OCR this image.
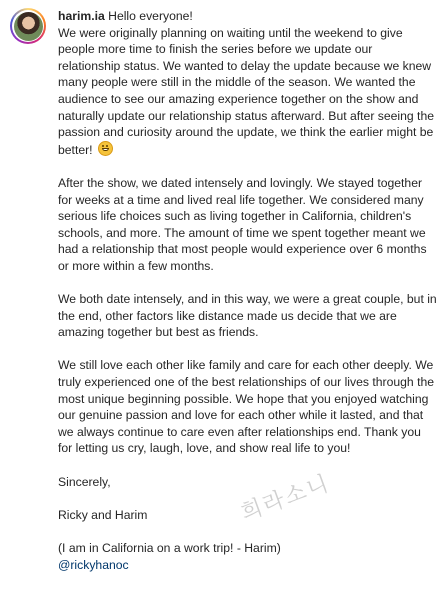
harim.ia Hello everyone!
We were originally planning on waiting until the weekend to give people more time to finish the series before we update our relationship status. We wanted to delay the update because we knew many people were still in the middle of the season. We wanted the audience to see our amazing experience together on the show and naturally update our relationship status afterward. But after seeing the passion and curiosity around the update, we think the earlier might be better!

After the show, we dated intensely and lovingly. We stayed together for weeks at a time and lived real life together. We considered many serious life choices such as living together in California, children's schools, and more. The amount of time we spent together meant we had a relationship that most people would experience over 6 months or more within a few months.

We both date intensely, and in this way, we were a great couple, but in the end, other factors like distance made us decide that we are amazing together but best as friends.

We still love each other like family and care for each other deeply. We truly experienced one of the best relationships of our lives through the most unique beginning possible. We hope that you enjoyed watching our genuine passion and love for each other while it lasted, and that we always continue to care even after relationships end. Thank you for letting us cry, laugh, love, and show real life to you!

Sincerely,

Ricky and Harim

(I am in California on a work trip! - Harim)
@rickyhanoc

희라소니
